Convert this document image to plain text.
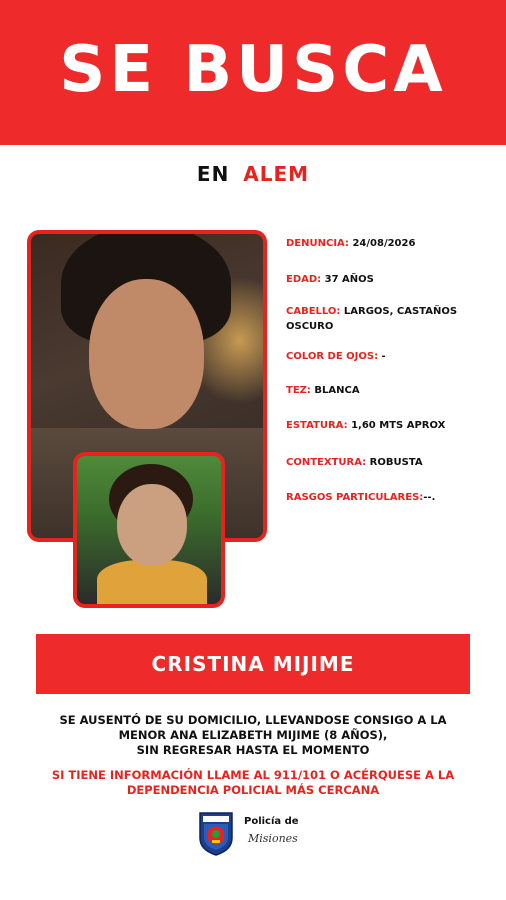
SE BUSCA
EN ALEM
DENUNCIA: 24/08/2026
EDAD: 37 AÑOS
CABELLO: LARGOS, CASTAÑOS OSCURO
COLOR DE OJOS: -
TEZ: BLANCA
ESTATURA: 1,60 MTS APROX
CONTEXTURA: ROBUSTA
RASGOS PARTICULARES:--.
CRISTINA MIJIME
SE AUSENTÓ DE SU DOMICILIO, LLEVANDOSE CONSIGO A LA
MENOR ANA ELIZABETH MIJIME (8 AÑOS),
SIN REGRESAR HASTA EL MOMENTO
SI TIENE INFORMACIÓN LLAME AL 911/101 O ACÉRQUESE A LA
DEPENDENCIA POLICIAL MÁS CERCANA
Policía de
Misiones
